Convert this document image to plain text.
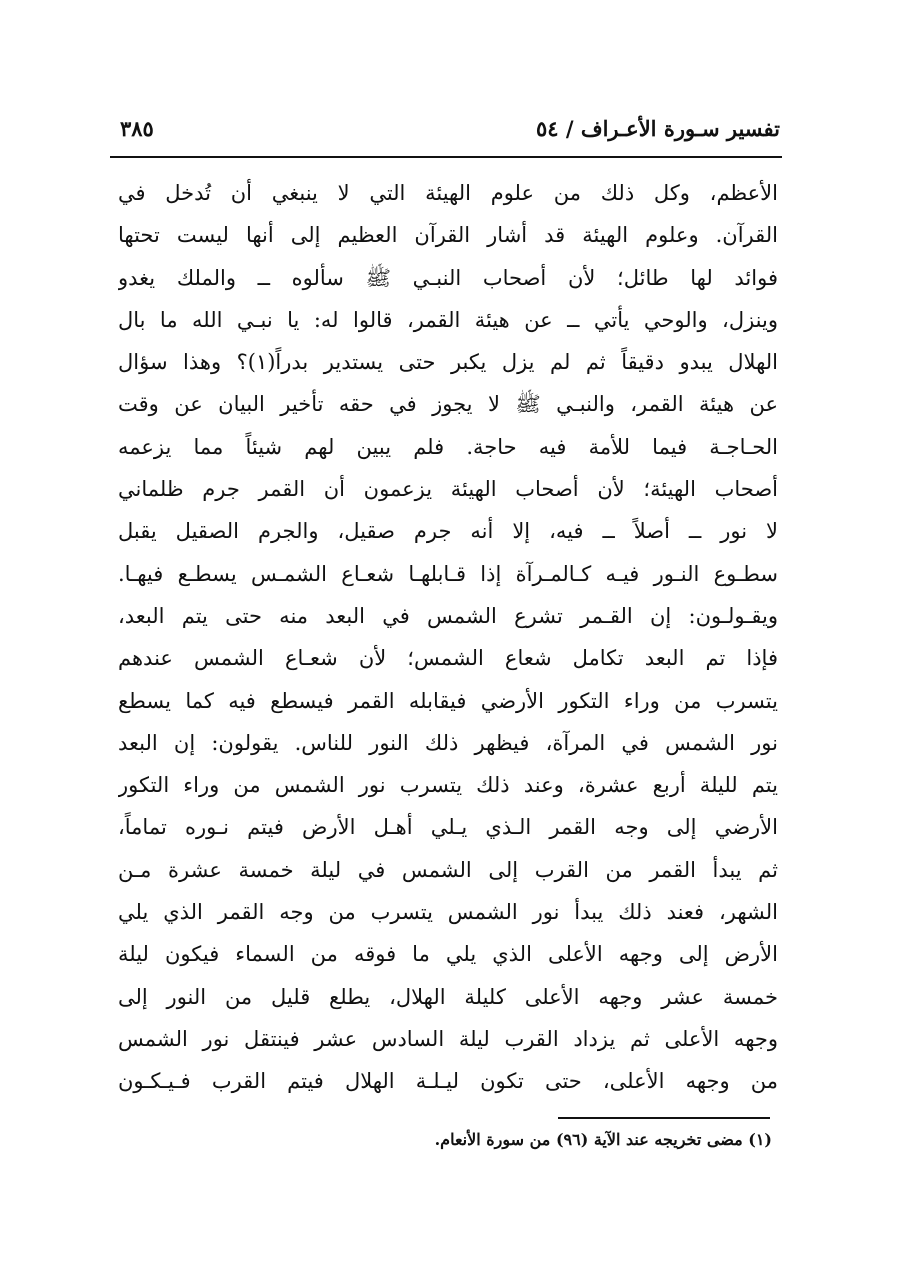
تفسير سـورة الأعـراف / ٥٤
٣٨٥
الأعظم، وكل ذلك من علوم الهيئة التي لا ينبغي أن تُدخل في
القرآن. وعلوم الهيئة قد أشار القرآن العظيم إلى أنها ليست تحتها
فوائد لها طائل؛ لأن أصحاب النبـي ﷺ سألوه ــ والملك يغدو
وينزل، والوحي يأتي ــ عن هيئة القمر، قالوا له: يا نبـي الله ما بال
الهلال يبدو دقيقاً ثم لم يزل يكبر حتى يستدير بدراً(١)؟ وهذا سؤال
عن هيئة القمر، والنبـي ﷺ لا يجوز في حقه تأخير البيان عن وقت
الحـاجـة فيما للأمة فيه حاجة. فلم يبين لهم شيئاً مما يزعمه
أصحاب الهيئة؛ لأن أصحاب الهيئة يزعمون أن القمر جرم ظلماني
لا نور ــ أصلاً ــ فيه، إلا أنه جرم صقيل، والجرم الصقيل يقبل
سطـوع النـور فيـه كـالمـرآة إذا قـابلهـا شعـاع الشمـس يسطـع فيهـا.
ويقـولـون: إن القـمر تشرع الشمس في البعد منه حتى يتم البعد،
فإذا تم البعد تكامل شعاع الشمس؛ لأن شعـاع الشمس عندهم
يتسرب من وراء التكور الأرضي فيقابله القمر فيسطع فيه كما يسطع
نور الشمس في المرآة، فيظهر ذلك النور للناس. يقولون: إن البعد
يتم لليلة أربع عشرة، وعند ذلك يتسرب نور الشمس من وراء التكور
الأرضي إلى وجه القمر الـذي يـلي أهـل الأرض فيتم نـوره تماماً،
ثم يبدأ القمر من القرب إلى الشمس في ليلة خمسة عشرة مـن
الشهر، فعند ذلك يبدأ نور الشمس يتسرب من وجه القمر الذي يلي
الأرض إلى وجهه الأعلى الذي يلي ما فوقه من السماء فيكون ليلة
خمسة عشر وجهه الأعلى كليلة الهلال، يطلع قليل من النور إلى
وجهه الأعلى ثم يزداد القرب ليلة السادس عشر فينتقل نور الشمس
من وجهه الأعلى، حتى تكون ليـلـة الهلال فيتم القرب فـيـكـون
(١) مضى تخريجه عند الآية (٩٦) من سورة الأنعام.
